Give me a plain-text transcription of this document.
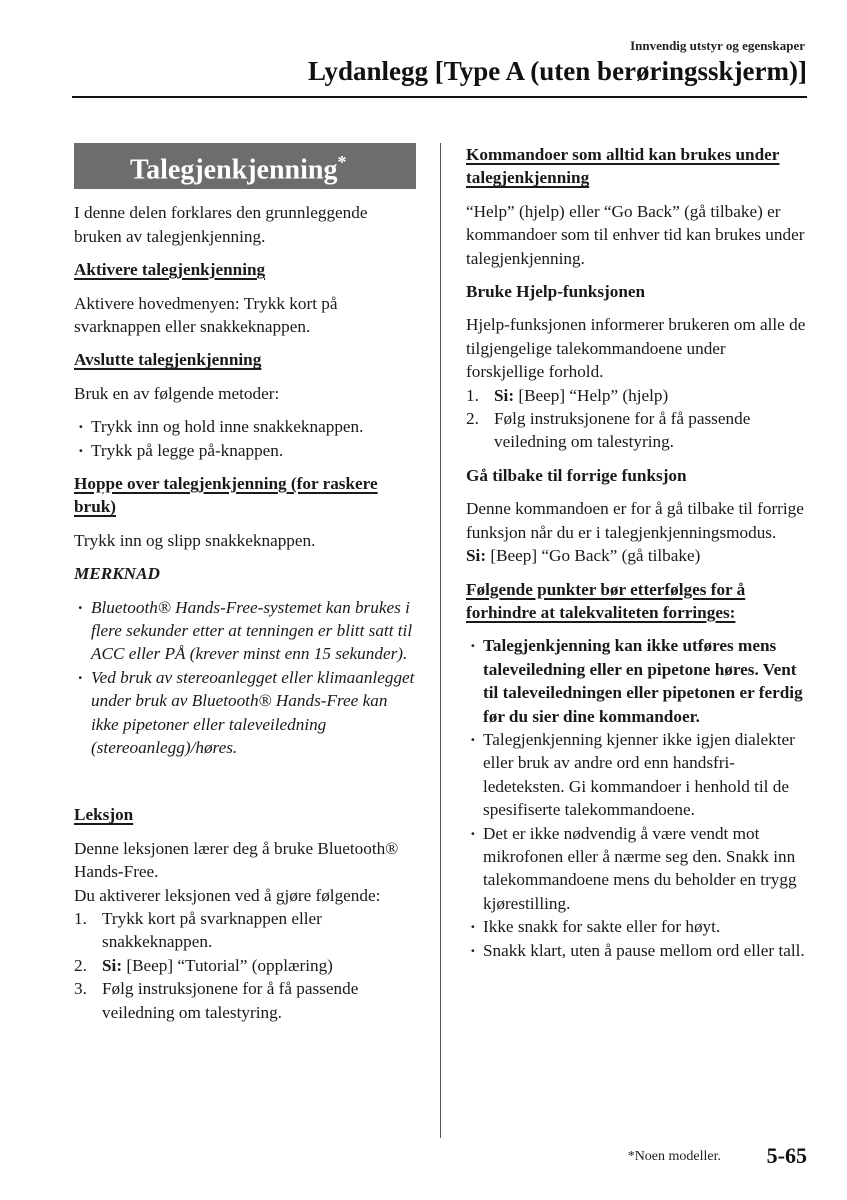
Innvendig utstyr og egenskaper
Lydanlegg [Type A (uten berøringsskjerm)]
Talegjenkjenning*

I denne delen forklares den grunnleggende bruken av talegjenkjenning.

Aktivere talegjenkjenning

Aktivere hovedmenyen: Trykk kort på svarknappen eller snakkeknappen.

Avslutte talegjenkjenning

Bruk en av følgende metoder:

· Trykk inn og hold inne snakkeknappen.
· Trykk på legge på-knappen.
Hoppe over talegjenkjenning (for raskere bruk)

Trykk inn og slipp snakkeknappen.

MERKNAD
· Bluetooth® Hands-Free-systemet kan brukes i flere sekunder etter at tenningen er blitt satt til ACC eller PÅ (krever minst enn 15 sekunder).
· Ved bruk av stereoanlegget eller klimaanlegget under bruk av Bluetooth® Hands-Free kan ikke pipetoner eller taleveiledning (stereoanlegg)/høres.
Leksjon
Denne leksjonen lærer deg å bruke Bluetooth® Hands-Free.
Du aktiverer leksjonen ved å gjøre følgende:
1. Trykk kort på svarknappen eller snakkeknappen.
2. Si: [Beep] “Tutorial” (opplæring)
3. Følg instruksjonene for å få passende veiledning om talestyring.
Kommandoer som alltid kan brukes under talegjenkjenning

“Help” (hjelp) eller “Go Back” (gå tilbake) er kommandoer som til enhver tid kan brukes under talegjenkjenning.

Bruke Hjelp-funksjonen
Hjelp-funksjonen informerer brukeren om alle de tilgjengelige talekommandoene under forskjellige forhold.
1. Si: [Beep] “Help” (hjelp)
2. Følg instruksjonene for å få passende veiledning om talestyring.
Gå tilbake til forrige funksjon
Denne kommandoen er for å gå tilbake til forrige funksjon når du er i talegjenkjenningsmodus.

Si: [Beep] “Go Back” (gå tilbake)

Følgende punkter bør etterfølges for å forhindre at talekvaliteten forringes:
· Talegjenkjenning kan ikke utføres mens taleveiledning eller en pipetone høres. Vent til taleveiledningen eller pipetonen er ferdig før du sier dine kommandoer.
· Talegjenkjenning kjenner ikke igjen dialekter eller bruk av andre ord enn handsfri-ledeteksten. Gi kommandoer i henhold til de spesifiserte talekommandoene.
· Det er ikke nødvendig å være vendt mot mikrofonen eller å nærme seg den. Snakk inn talekommandoene mens du beholder en trygg kjørestilling.
· Ikke snakk for sakte eller for høyt.
· Snakk klart, uten å pause mellom ord eller tall.
*Noen modeller. 5-65
